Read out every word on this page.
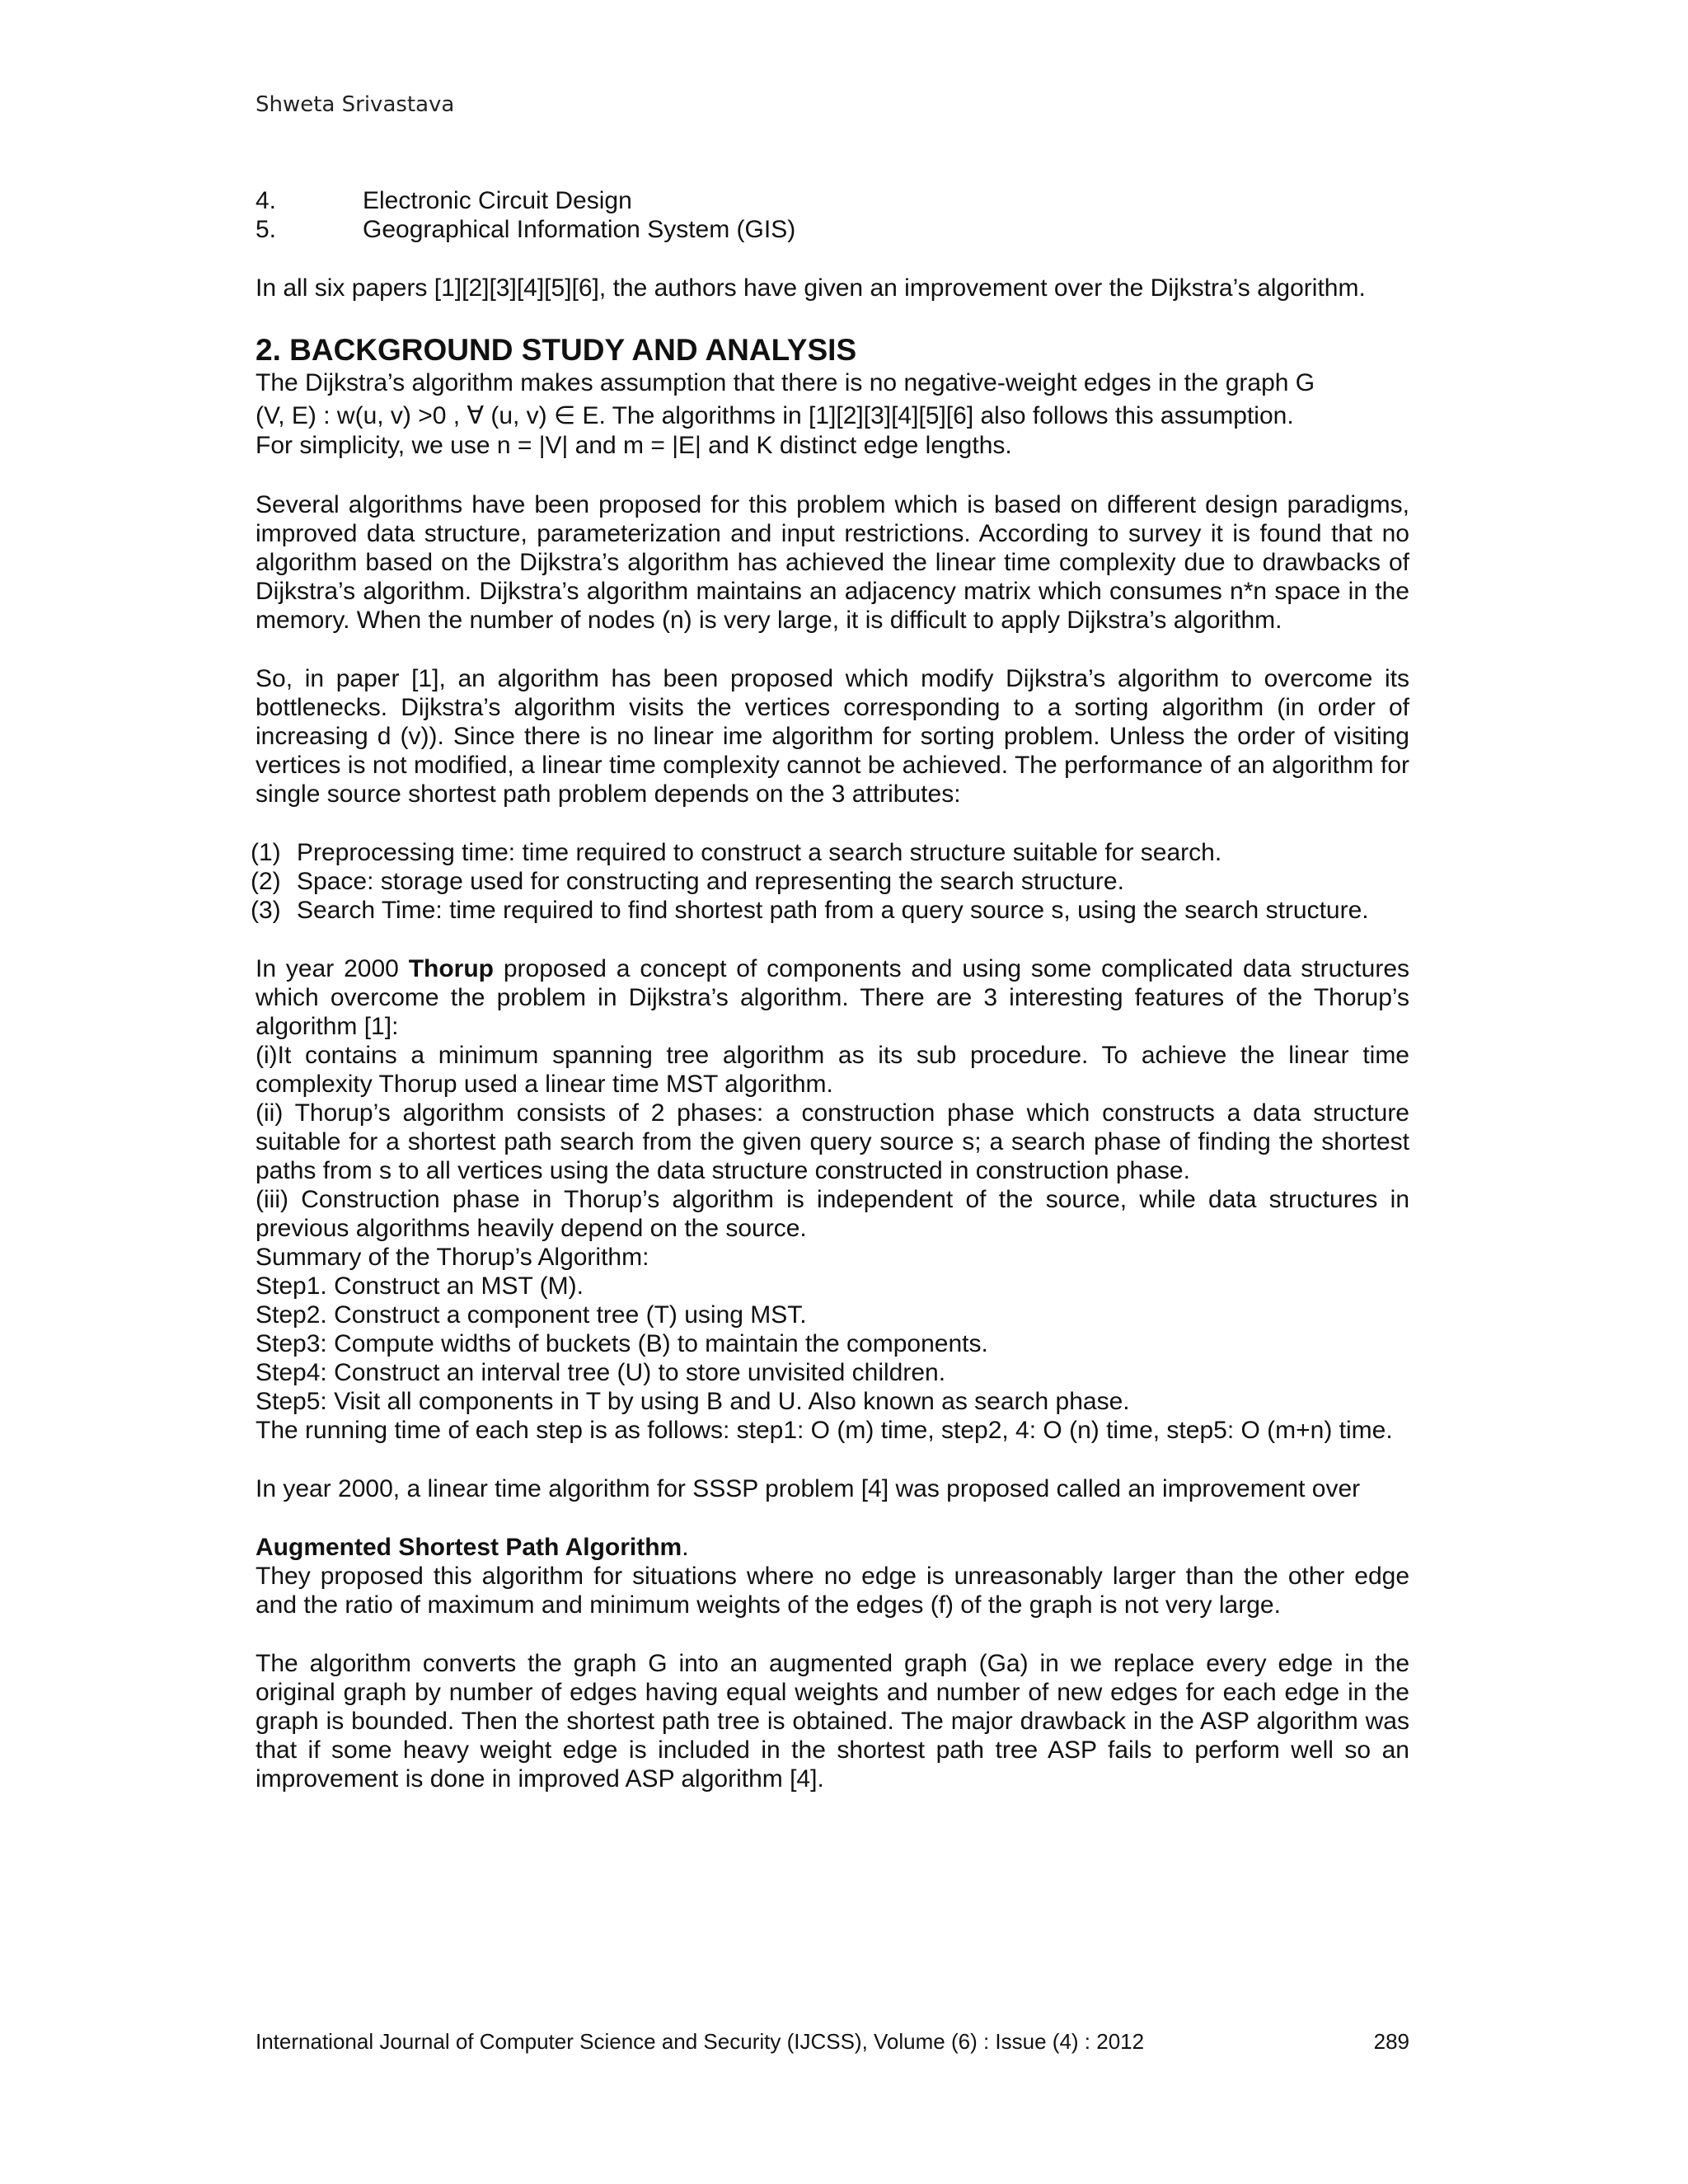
Shweta Srivastava
4.	Electronic Circuit Design
5.	Geographical Information System (GIS)

In all six papers [1][2][3][4][5][6], the authors have given an improvement over the Dijkstra’s algorithm.

2. BACKGROUND STUDY AND ANALYSIS
The Dijkstra’s algorithm makes assumption that there is no negative-weight edges in the graph G
(V, E) : w(u, v) >0 , ∀ (u, v) ∈ E. The algorithms in [1][2][3][4][5][6] also follows this assumption.
For simplicity, we use n = |V| and m = |E| and K distinct edge lengths.

Several algorithms have been proposed for this problem which is based on different design paradigms, improved data structure, parameterization and input restrictions. According to survey it is found that no algorithm based on the Dijkstra’s algorithm has achieved the linear time complexity due to drawbacks of Dijkstra’s algorithm. Dijkstra’s algorithm maintains an adjacency matrix which consumes n*n space in the memory. When the number of nodes (n) is very large, it is difficult to apply Dijkstra’s algorithm.

So, in paper [1], an algorithm has been proposed which modify Dijkstra’s algorithm to overcome its bottlenecks. Dijkstra’s algorithm visits the vertices corresponding to a sorting algorithm (in order of increasing d (v)). Since there is no linear ime algorithm for sorting problem. Unless the order of visiting vertices is not modified, a linear time complexity cannot be achieved. The performance of an algorithm for single source shortest path problem depends on the 3 attributes:

(1) Preprocessing time: time required to construct a search structure suitable for search.
(2) Space: storage used for constructing and representing the search structure.
(3) Search Time: time required to find shortest path from a query source s, using the search structure.

In year 2000 Thorup proposed a concept of components and using some complicated data structures which overcome the problem in Dijkstra’s algorithm. There are 3 interesting features of the Thorup’s algorithm [1]:

(i)It contains a minimum spanning tree algorithm as its sub procedure. To achieve the linear time complexity Thorup used a linear time MST algorithm.

(ii) Thorup’s algorithm consists of 2 phases: a construction phase which constructs a data structure suitable for a shortest path search from the given query source s; a search phase of finding the shortest paths from s to all vertices using the data structure constructed in construction phase.

(iii) Construction phase in Thorup’s algorithm is independent of the source, while data structures in previous algorithms heavily depend on the source.

Summary of the Thorup’s Algorithm:

Step1. Construct an MST (M).

Step2. Construct a component tree (T) using MST.

Step3: Compute widths of buckets (B) to maintain the components.

Step4: Construct an interval tree (U) to store unvisited children.

Step5: Visit all components in T by using B and U. Also known as search phase.

The running time of each step is as follows: step1: O (m) time, step2, 4: O (n) time, step5: O (m+n) time.

In year 2000, a linear time algorithm for SSSP problem [4] was proposed called an improvement over

Augmented Shortest Path Algorithm.

They proposed this algorithm for situations where no edge is unreasonably larger than the other edge and the ratio of maximum and minimum weights of the edges (f) of the graph is not very large.

The algorithm converts the graph G into an augmented graph (Ga) in we replace every edge in the original graph by number of edges having equal weights and number of new edges for each edge in the graph is bounded. Then the shortest path tree is obtained. The major drawback in the ASP algorithm was that if some heavy weight edge is included in the shortest path tree ASP fails to perform well so an improvement is done in improved ASP algorithm [4].

International Journal of Computer Science and Security (IJCSS), Volume (6) : Issue (4) : 2012	289
